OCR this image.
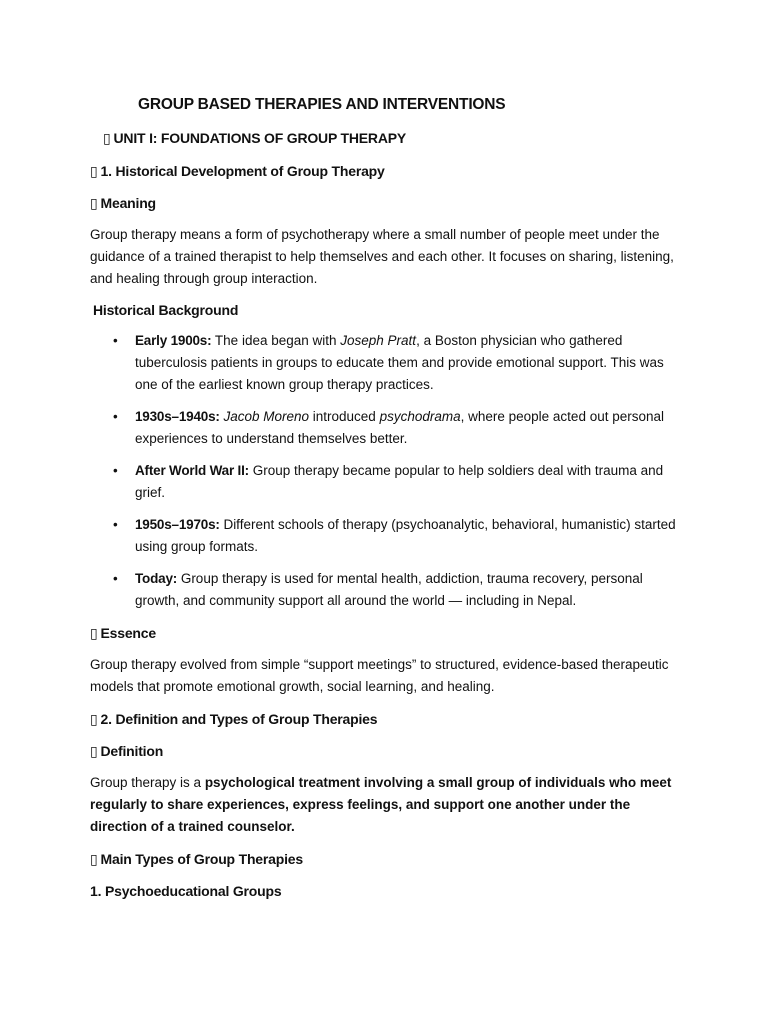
GROUP BASED THERAPIES AND INTERVENTIONS
▯ UNIT I: FOUNDATIONS OF GROUP THERAPY
▯ 1. Historical Development of Group Therapy
▯ Meaning

Group therapy means a form of psychotherapy where a small number of people meet under the guidance of a trained therapist to help themselves and each other. It focuses on sharing, listening, and healing through group interaction.

Historical Background
• Early 1900s: The idea began with Joseph Pratt, a Boston physician who gathered tuberculosis patients in groups to educate them and provide emotional support. This was one of the earliest known group therapy practices.
• 1930s–1940s: Jacob Moreno introduced psychodrama, where people acted out personal experiences to understand themselves better.
• After World War II: Group therapy became popular to help soldiers deal with trauma and grief.
• 1950s–1970s: Different schools of therapy (psychoanalytic, behavioral, humanistic) started using group formats.
• Today: Group therapy is used for mental health, addiction, trauma recovery, personal growth, and community support all around the world — including in Nepal.
▯ Essence

Group therapy evolved from simple “support meetings” to structured, evidence-based therapeutic models that promote emotional growth, social learning, and healing.

▯ 2. Definition and Types of Group Therapies
▯ Definition

Group therapy is a psychological treatment involving a small group of individuals who meet regularly to share experiences, express feelings, and support one another under the direction of a trained counselor.

▯ Main Types of Group Therapies
1. Psychoeducational Groups
